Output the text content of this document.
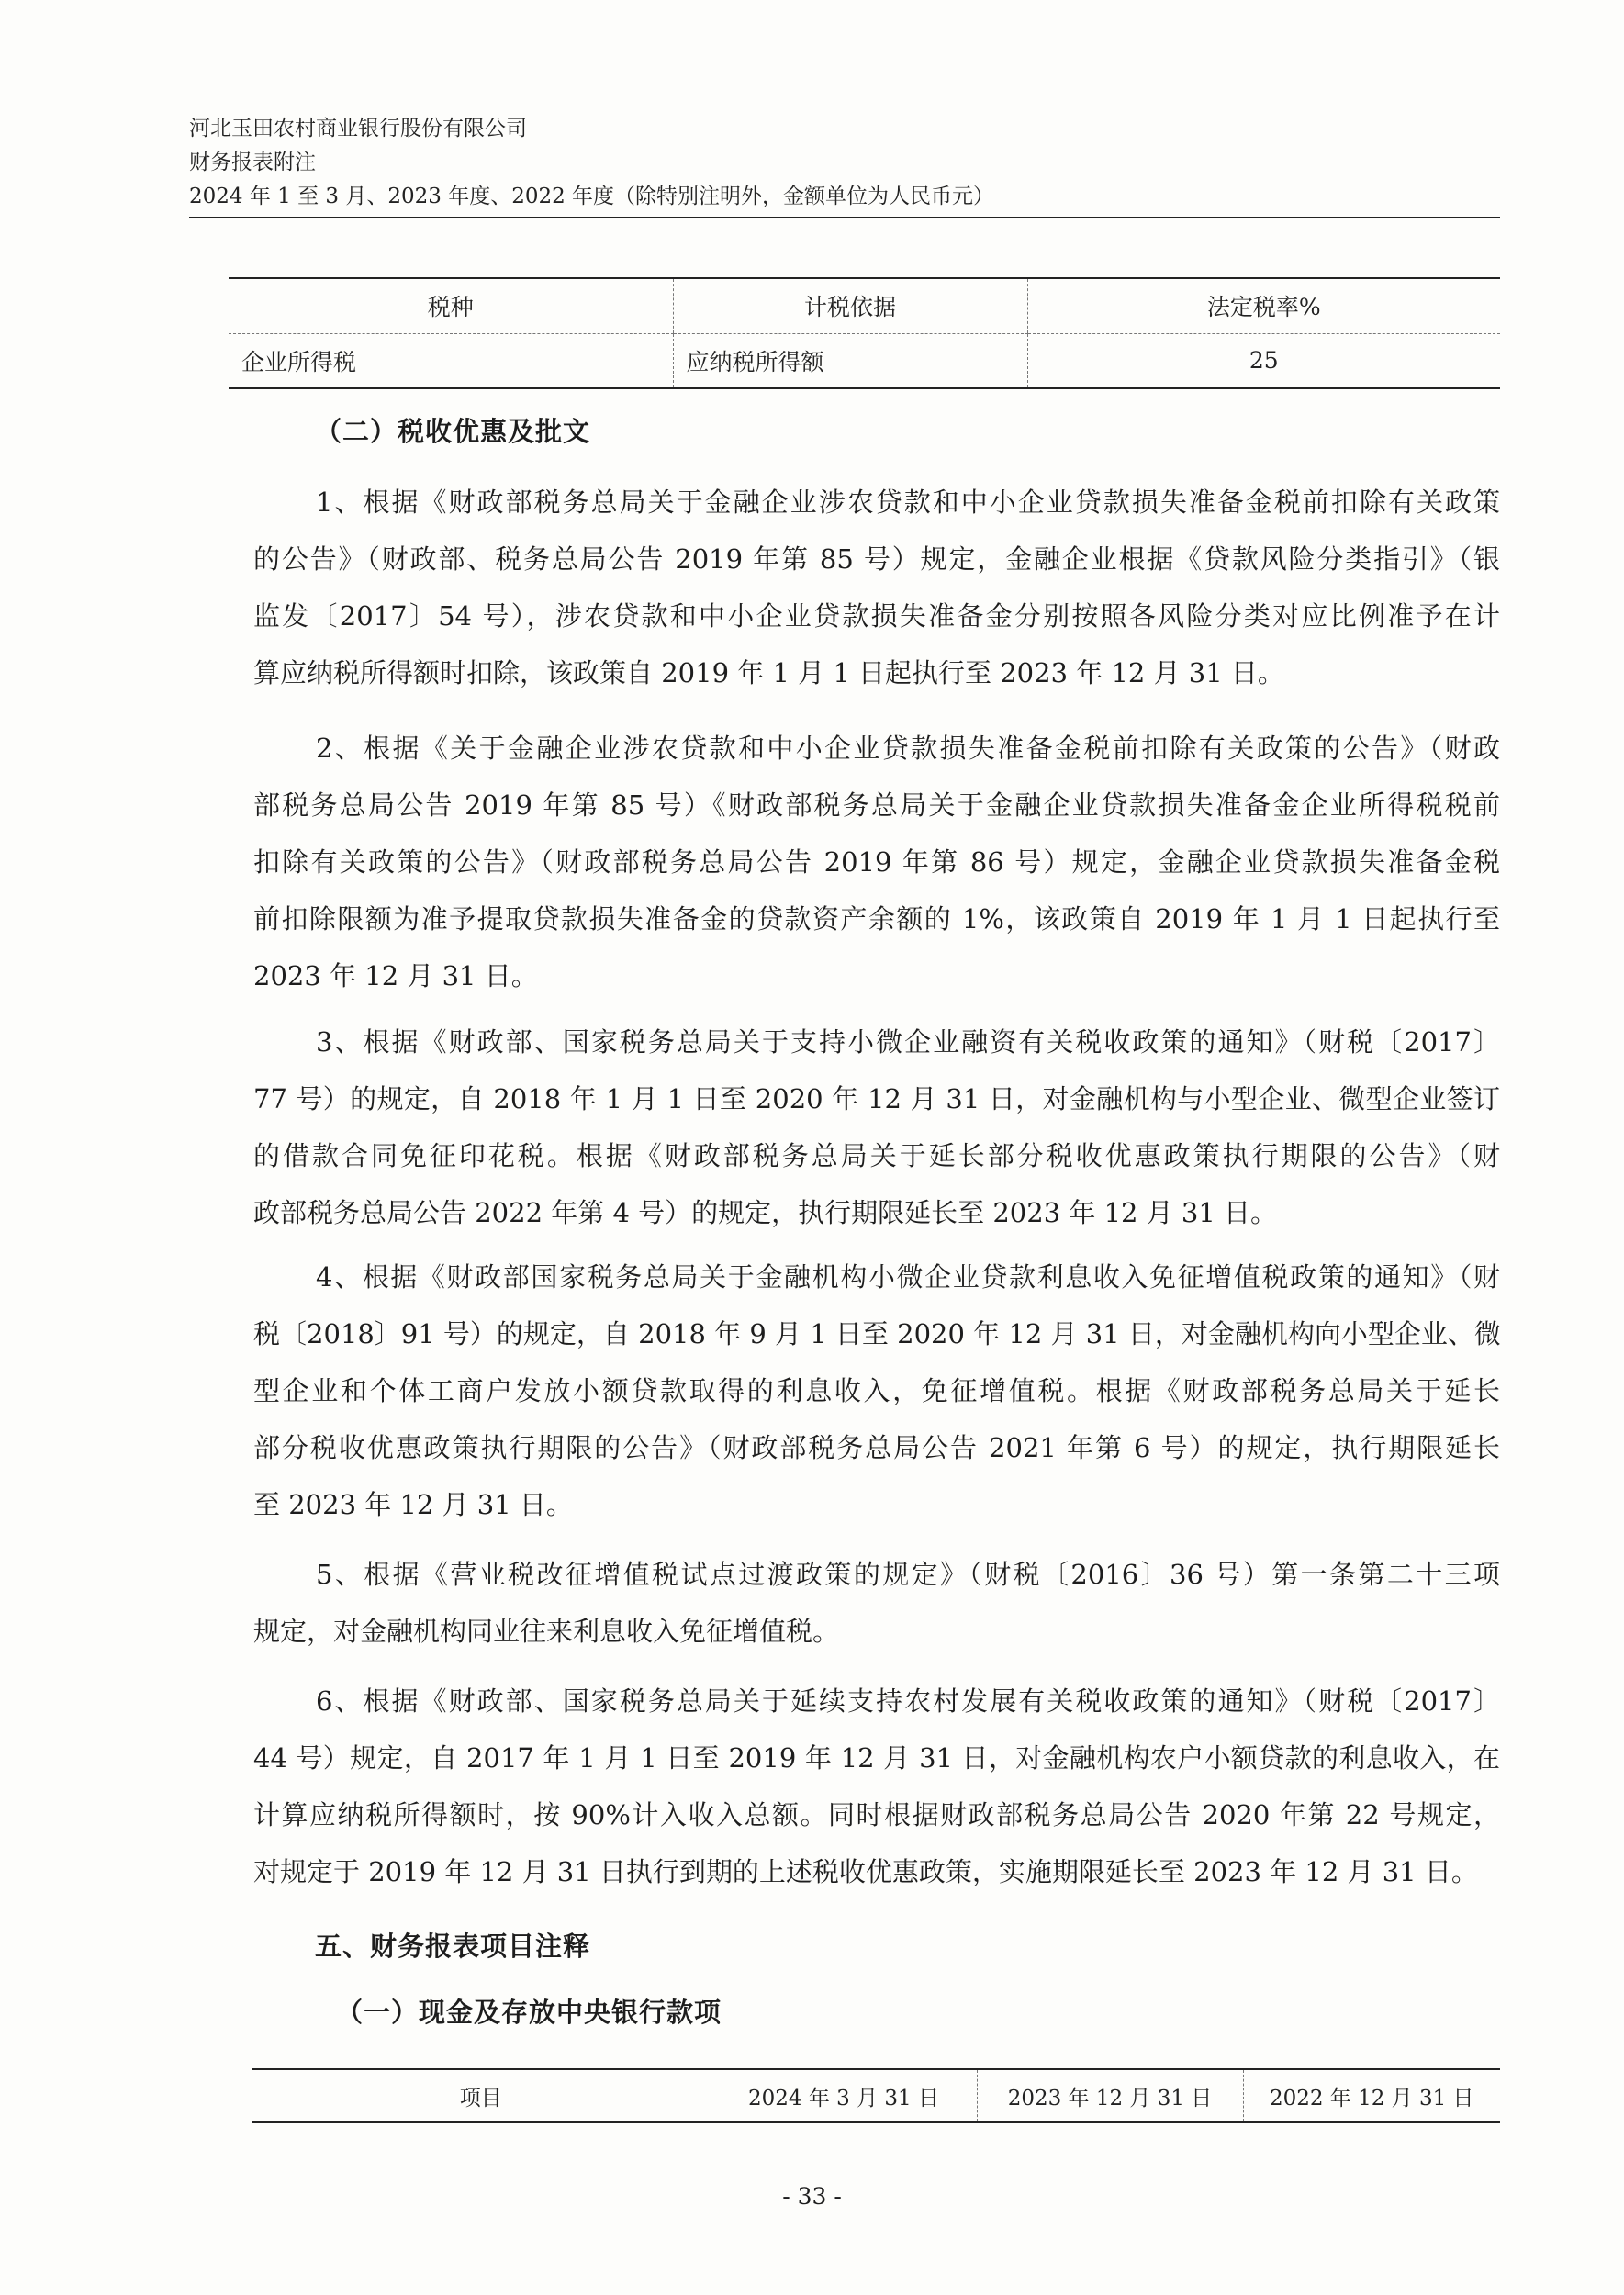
河北玉田农村商业银行股份有限公司
财务报表附注
2024 年 1 至 3 月、2023 年度、2022 年度（除特别注明外，金额单位为人民币元）
税种	计税依据	法定税率%
企业所得税	应纳税所得额	25
（二）税收优惠及批文
1、根据《财政部税务总局关于金融企业涉农贷款和中小企业贷款损失准备金税前扣除有关政策
的公告》（财政部、税务总局公告 2019 年第 85 号）规定，金融企业根据《贷款风险分类指引》（银
监发〔2017〕54 号），涉农贷款和中小企业贷款损失准备金分别按照各风险分类对应比例准予在计
算应纳税所得额时扣除，该政策自 2019 年 1 月 1 日起执行至 2023 年 12 月 31 日。
2、根据《关于金融企业涉农贷款和中小企业贷款损失准备金税前扣除有关政策的公告》（财政
部税务总局公告 2019 年第 85 号）《财政部税务总局关于金融企业贷款损失准备金企业所得税税前
扣除有关政策的公告》（财政部税务总局公告 2019 年第 86 号）规定，金融企业贷款损失准备金税
前扣除限额为准予提取贷款损失准备金的贷款资产余额的 1%，该政策自 2019 年 1 月 1 日起执行至
2023 年 12 月 31 日。
3、根据《财政部、国家税务总局关于支持小微企业融资有关税收政策的通知》（财税〔2017〕
77 号）的规定，自 2018 年 1 月 1 日至 2020 年 12 月 31 日，对金融机构与小型企业、微型企业签订
的借款合同免征印花税。根据《财政部税务总局关于延长部分税收优惠政策执行期限的公告》（财
政部税务总局公告 2022 年第 4 号）的规定，执行期限延长至 2023 年 12 月 31 日。
4、根据《财政部国家税务总局关于金融机构小微企业贷款利息收入免征增值税政策的通知》（财
税〔2018〕91 号）的规定，自 2018 年 9 月 1 日至 2020 年 12 月 31 日，对金融机构向小型企业、微
型企业和个体工商户发放小额贷款取得的利息收入，免征增值税。根据《财政部税务总局关于延长
部分税收优惠政策执行期限的公告》（财政部税务总局公告 2021 年第 6 号）的规定，执行期限延长
至 2023 年 12 月 31 日。
5、根据《营业税改征增值税试点过渡政策的规定》（财税〔2016〕36 号）第一条第二十三项
规定，对金融机构同业往来利息收入免征增值税。
6、根据《财政部、国家税务总局关于延续支持农村发展有关税收政策的通知》（财税〔2017〕
44 号）规定，自 2017 年 1 月 1 日至 2019 年 12 月 31 日，对金融机构农户小额贷款的利息收入，在
计算应纳税所得额时，按 90%计入收入总额。同时根据财政部税务总局公告 2020 年第 22 号规定，
对规定于 2019 年 12 月 31 日执行到期的上述税收优惠政策，实施期限延长至 2023 年 12 月 31 日。
五、财务报表项目注释
（一）现金及存放中央银行款项
项目	2024 年 3 月 31 日	2023 年 12 月 31 日	2022 年 12 月 31 日
- 33 -
